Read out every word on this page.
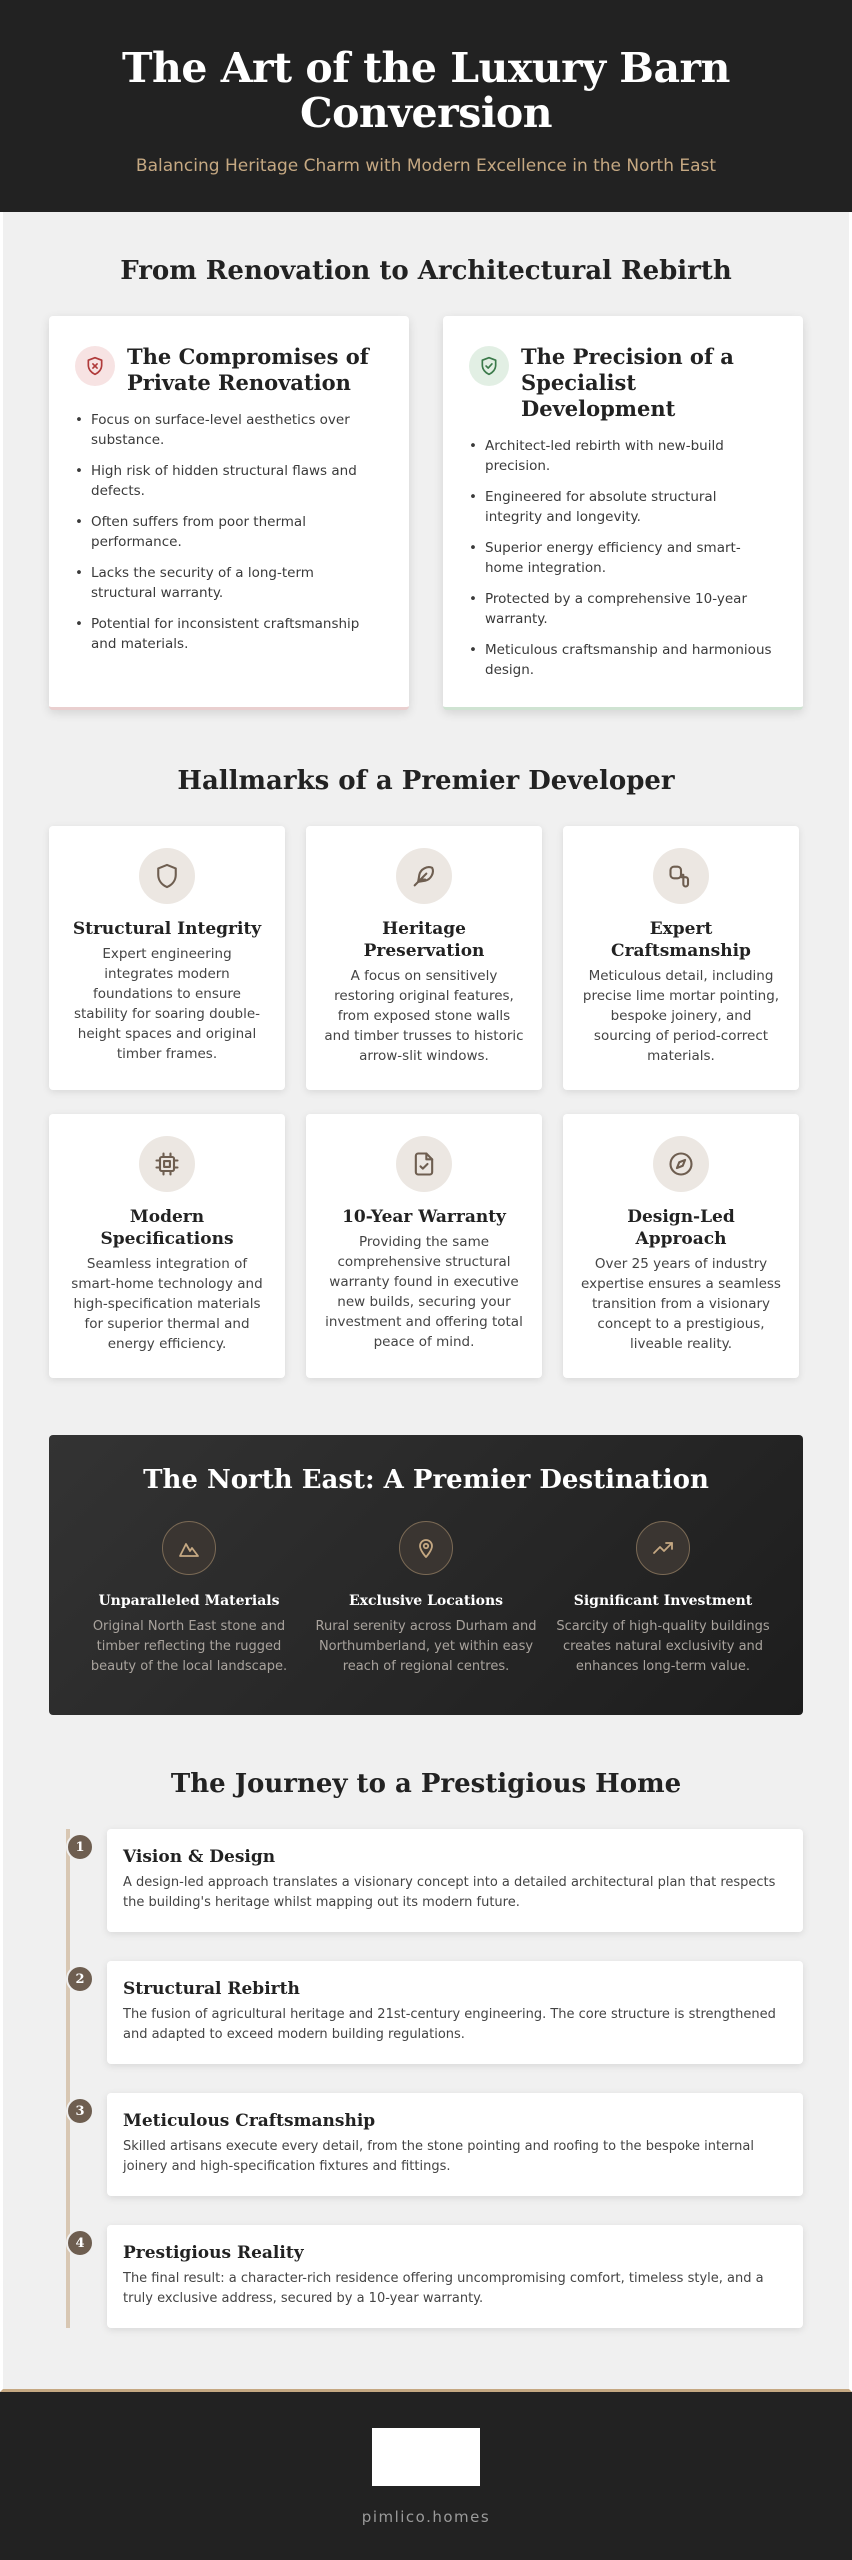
The Art of the Luxury Barn Conversion

Balancing Heritage Charm with Modern Excellence in the North East

From Renovation to Architectural Rebirth
The Compromises of Private Renovation
• Focus on surface-level aesthetics over substance.
• High risk of hidden structural flaws and defects.
• Often suffers from poor thermal performance.
• Lacks the security of a long-term structural warranty.
• Potential for inconsistent craftsmanship and materials.
The Precision of a Specialist Development
• Architect-led rebirth with new-build precision.
• Engineered for absolute structural integrity and longevity.
• Superior energy efficiency and smart-home integration.
• Protected by a comprehensive 10-year warranty.
• Meticulous craftsmanship and harmonious design.
Hallmarks of a Premier Developer
Structural Integrity

Expert engineering integrates modern foundations to ensure stability for soaring double-height spaces and original timber frames.

Heritage Preservation

A focus on sensitively restoring original features, from exposed stone walls and timber trusses to historic arrow-slit windows.

Expert Craftsmanship

Meticulous detail, including precise lime mortar pointing, bespoke joinery, and sourcing of period-correct materials.

Modern Specifications

Seamless integration of smart-home technology and high-specification materials for superior thermal and energy efficiency.

10-Year Warranty

Providing the same comprehensive structural warranty found in executive new builds, securing your investment and offering total peace of mind.

Design-Led Approach

Over 25 years of industry expertise ensures a seamless transition from a visionary concept to a prestigious, liveable reality.

The North East: A Premier Destination
Unparalleled Materials

Original North East stone and timber reflecting the rugged beauty of the local landscape.

Exclusive Locations

Rural serenity across Durham and Northumberland, yet within easy reach of regional centres.

Significant Investment

Scarcity of high-quality buildings creates natural exclusivity and enhances long-term value.

The Journey to a Prestigious Home
1	Vision & Design

A design-led approach translates a visionary concept into a detailed architectural plan that respects the building's heritage whilst mapping out its modern future.

2	Structural Rebirth

The fusion of agricultural heritage and 21st-century engineering. The core structure is strengthened and adapted to exceed modern building regulations.

3	Meticulous Craftsmanship

Skilled artisans execute every detail, from the stone pointing and roofing to the bespoke internal joinery and high-specification fixtures and fittings.

4	Prestigious Reality

The final result: a character-rich residence offering uncompromising comfort, timeless style, and a truly exclusive address, secured by a 10-year warranty.

pimlico.homes
